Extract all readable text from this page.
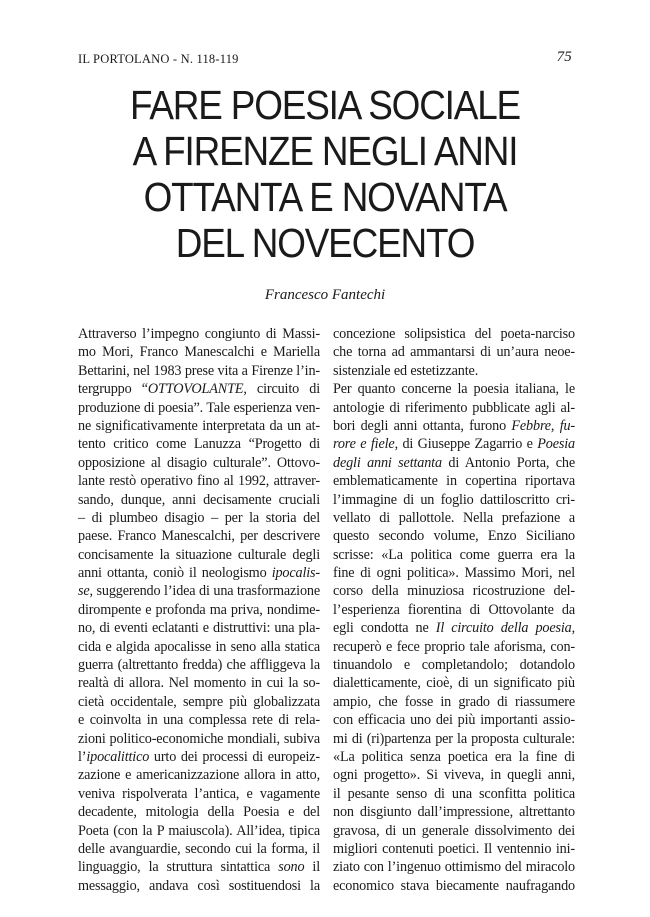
IL PORTOLANO - N. 118-119	75
FARE POESIA SOCIALE
A FIRENZE NEGLI ANNI
OTTANTA E NOVANTA
DEL NOVECENTO
Francesco Fantechi
Attraverso l’impegno congiunto di Massi-
mo Mori, Franco Manescalchi e Mariella
Bettarini, nel 1983 prese vita a Firenze l’in-
tergruppo “OTTOVOLANTE, circuito di
produzione di poesia”. Tale esperienza ven-
ne significativamente interpretata da un at-
tento critico come Lanuzza “Progetto di
opposizione al disagio culturale”. Ottovo-
lante restò operativo fino al 1992, attraver-
sando, dunque, anni decisamente cruciali
– di plumbeo disagio – per la storia del
paese. Franco Manescalchi, per descrivere
concisamente la situazione culturale degli
anni ottanta, coniò il neologismo ipocalis-
se, suggerendo l’idea di una trasformazione
dirompente e profonda ma priva, nondime-
no, di eventi eclatanti e distruttivi: una pla-
cida e algida apocalisse in seno alla statica
guerra (altrettanto fredda) che affliggeva la
realtà di allora. Nel momento in cui la so-
cietà occidentale, sempre più globalizzata
e coinvolta in una complessa rete di rela-
zioni politico-economiche mondiali, subiva
l’ipocalittico urto dei processi di europeiz-
zazione e americanizzazione allora in atto,
veniva rispolverata l’antica, e vagamente
decadente, mitologia della Poesia e del
Poeta (con la P maiuscola). All’idea, tipica
delle avanguardie, secondo cui la forma, il
linguaggio, la struttura sintattica sono il
messaggio, andava così sostituendosi la
concezione solipsistica del poeta-narciso
che torna ad ammantarsi di un’aura neoe-
sistenziale ed estetizzante.
Per quanto concerne la poesia italiana, le
antologie di riferimento pubblicate agli al-
bori degli anni ottanta, furono Febbre, fu-
rore e fiele, di Giuseppe Zagarrio e Poesia
degli anni settanta di Antonio Porta, che
emblematicamente in copertina riportava
l’immagine di un foglio dattiloscritto cri-
vellato di pallottole. Nella prefazione a
questo secondo volume, Enzo Siciliano
scrisse: «La politica come guerra era la
fine di ogni politica». Massimo Mori, nel
corso della minuziosa ricostruzione del-
l’esperienza fiorentina di Ottovolante da
egli condotta ne Il circuito della poesia,
recuperò e fece proprio tale aforisma, con-
tinuandolo e completandolo; dotandolo
dialetticamente, cioè, di un significato più
ampio, che fosse in grado di riassumere
con efficacia uno dei più importanti assio-
mi di (ri)partenza per la proposta culturale:
«La politica senza poetica era la fine di
ogni progetto». Si viveva, in quegli anni,
il pesante senso di una sconfitta politica
non disgiunto dall’impressione, altrettanto
gravosa, di un generale dissolvimento dei
migliori contenuti poetici. Il ventennio ini-
ziato con l’ingenuo ottimismo del miracolo
economico stava biecamente naufragando
